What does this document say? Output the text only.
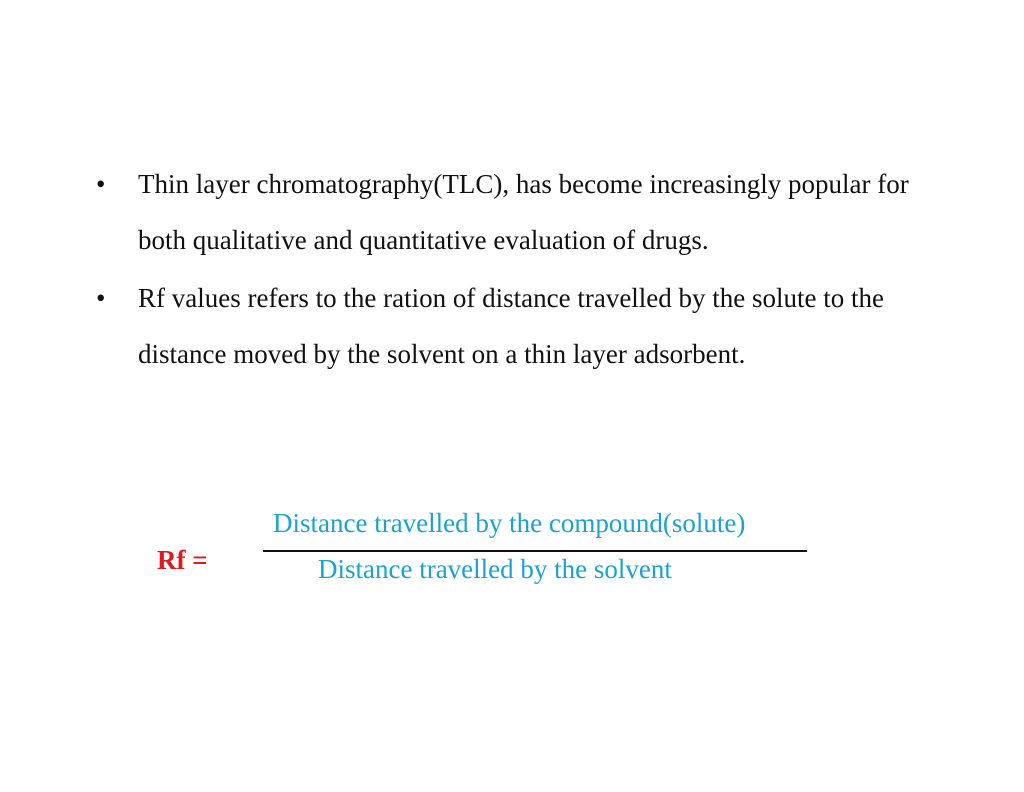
• Thin layer chromatography(TLC), has become increasingly popular for both qualitative and quantitative evaluation of drugs.
• Rf values refers to the ration of distance travelled by the solute to the distance moved by the solvent on a thin layer adsorbent.
Rf =
Distance travelled by the compound(solute)
Distance travelled by the solvent
